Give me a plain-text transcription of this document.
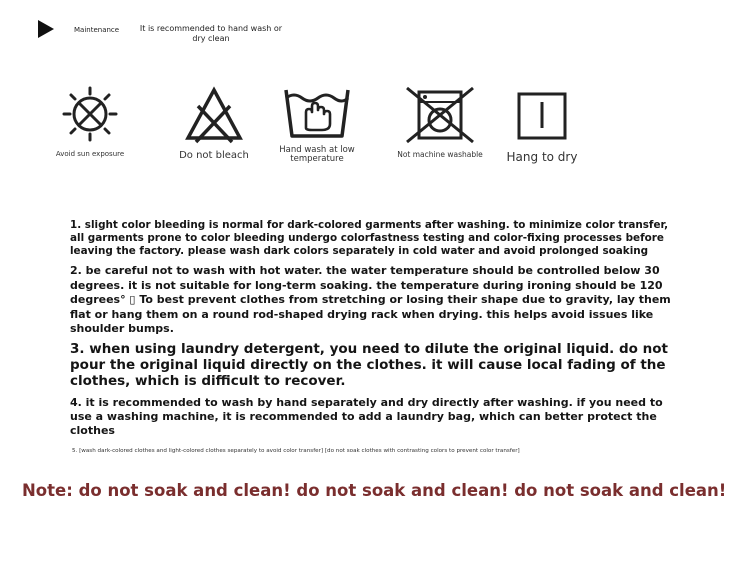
Maintenance	It is recommended to hand wash or dry clean
Avoid sun exposure	Do not bleach	Hand wash at low temperature	Not machine washable	Hang to dry

1. slight color bleeding is normal for dark-colored garments after washing. to minimize color transfer, all garments prone to color bleeding undergo colorfastness testing and color-fixing processes before leaving the factory. please wash dark colors separately in cold water and avoid prolonged soaking

2. be careful not to wash with hot water. the water temperature should be controlled below 30 degrees. it is not suitable for long-term soaking. the temperature during ironing should be 120 degrees° ▯ To best prevent clothes from stretching or losing their shape due to gravity, lay them flat or hang them on a round rod-shaped drying rack when drying. this helps avoid issues like shoulder bumps.

3. when using laundry detergent, you need to dilute the original liquid. do not pour the original liquid directly on the clothes. it will cause local fading of the clothes, which is difficult to recover.

4. it is recommended to wash by hand separately and dry directly after washing. if you need to use a washing machine, it is recommended to add a laundry bag, which can better protect the clothes

5. [wash dark-colored clothes and light-colored clothes separately to avoid color transfer] [do not soak clothes with contrasting colors to prevent color transfer]

Note: do not soak and clean! do not soak and clean! do not soak and clean!
